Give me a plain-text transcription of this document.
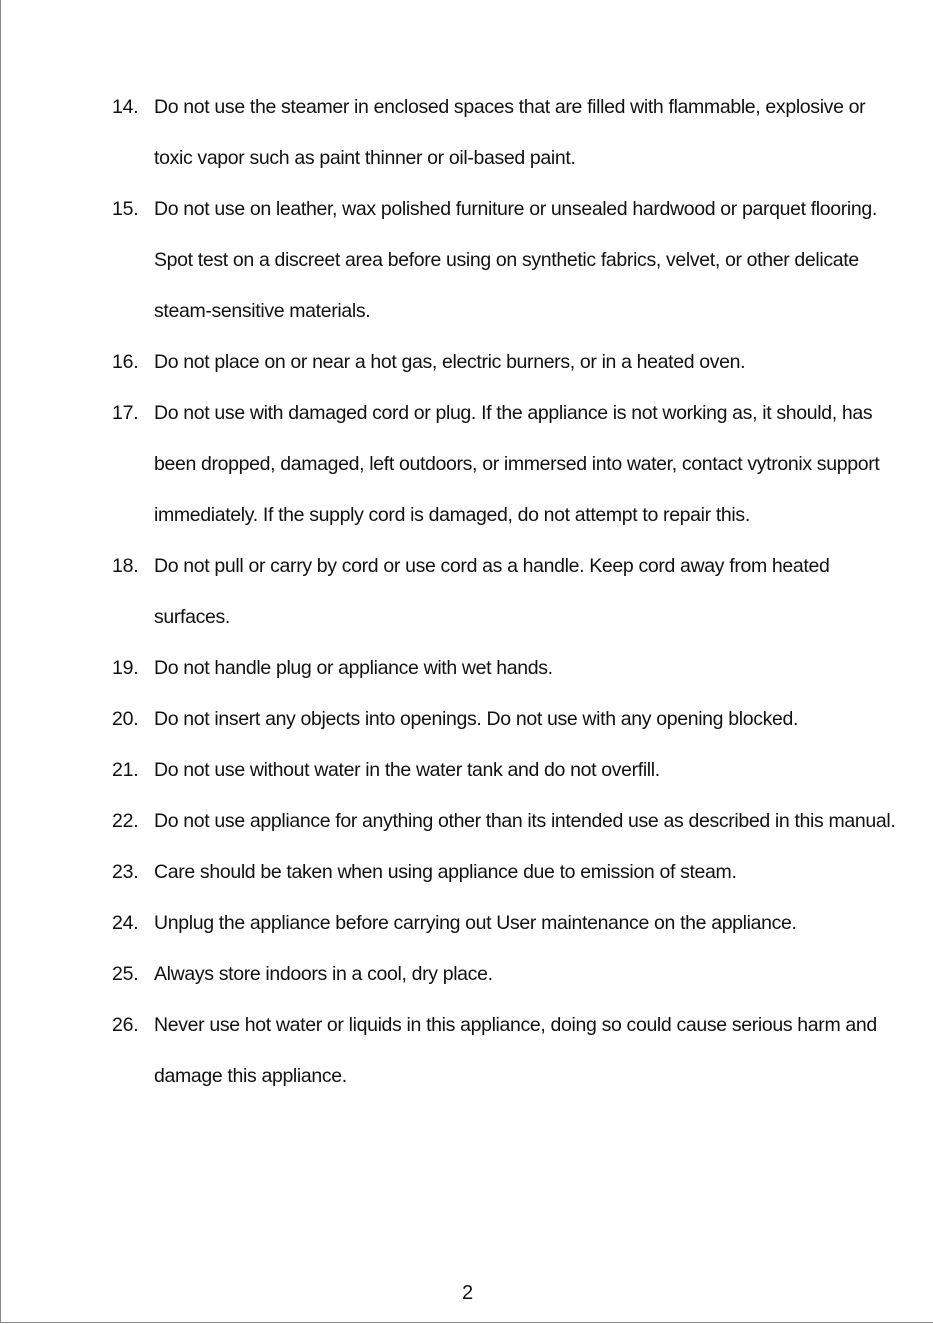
14. Do not use the steamer in enclosed spaces that are filled with flammable, explosive or toxic vapor such as paint thinner or oil-based paint.
15. Do not use on leather, wax polished furniture or unsealed hardwood or parquet flooring. Spot test on a discreet area before using on synthetic fabrics, velvet, or other delicate steam-sensitive materials.
16. Do not place on or near a hot gas, electric burners, or in a heated oven.
17. Do not use with damaged cord or plug. If the appliance is not working as, it should, has been dropped, damaged, left outdoors, or immersed into water, contact vytronix support immediately. If the supply cord is damaged, do not attempt to repair this.
18. Do not pull or carry by cord or use cord as a handle. Keep cord away from heated surfaces.
19. Do not handle plug or appliance with wet hands.
20. Do not insert any objects into openings. Do not use with any opening blocked.
21. Do not use without water in the water tank and do not overfill.
22. Do not use appliance for anything other than its intended use as described in this manual.
23. Care should be taken when using appliance due to emission of steam.
24. Unplug the appliance before carrying out User maintenance on the appliance.
25. Always store indoors in a cool, dry place.
26. Never use hot water or liquids in this appliance, doing so could cause serious harm and damage this appliance.
2
